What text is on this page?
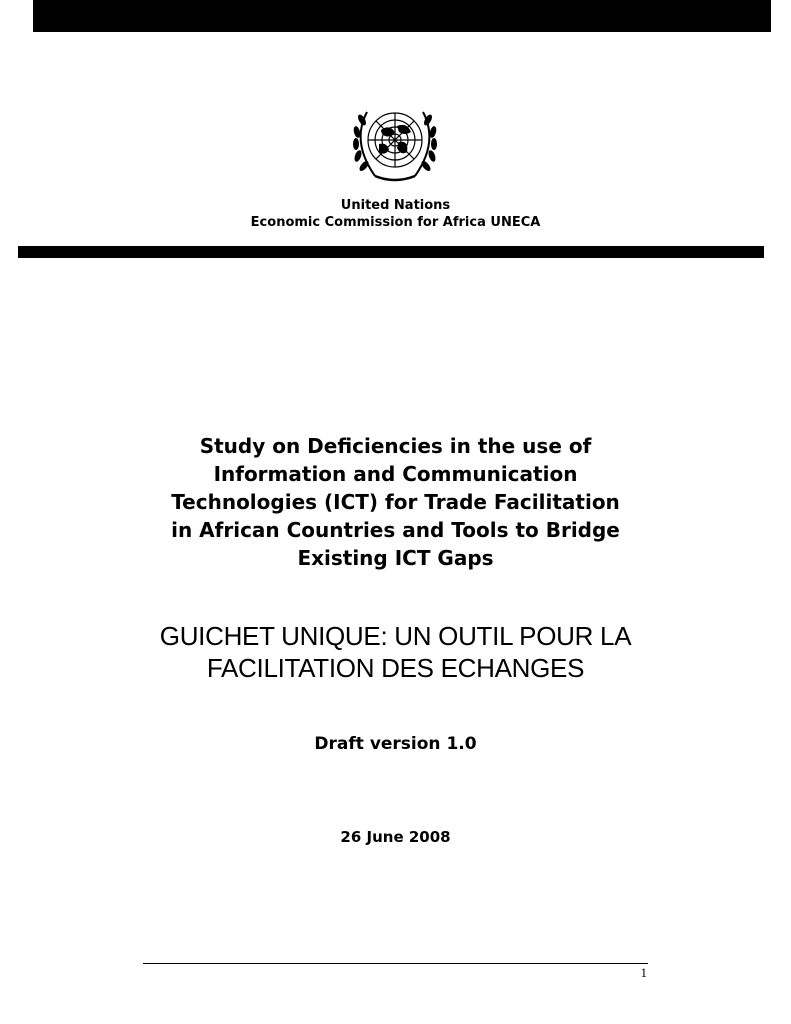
United Nations
Economic Commission for Africa UNECA
Study on Deficiencies in the use of
Information and Communication
Technologies (ICT) for Trade Facilitation
in African Countries and Tools to Bridge
Existing ICT Gaps
GUICHET UNIQUE: UN OUTIL POUR LA
FACILITATION DES ECHANGES
Draft version 1.0
26 June 2008
1
